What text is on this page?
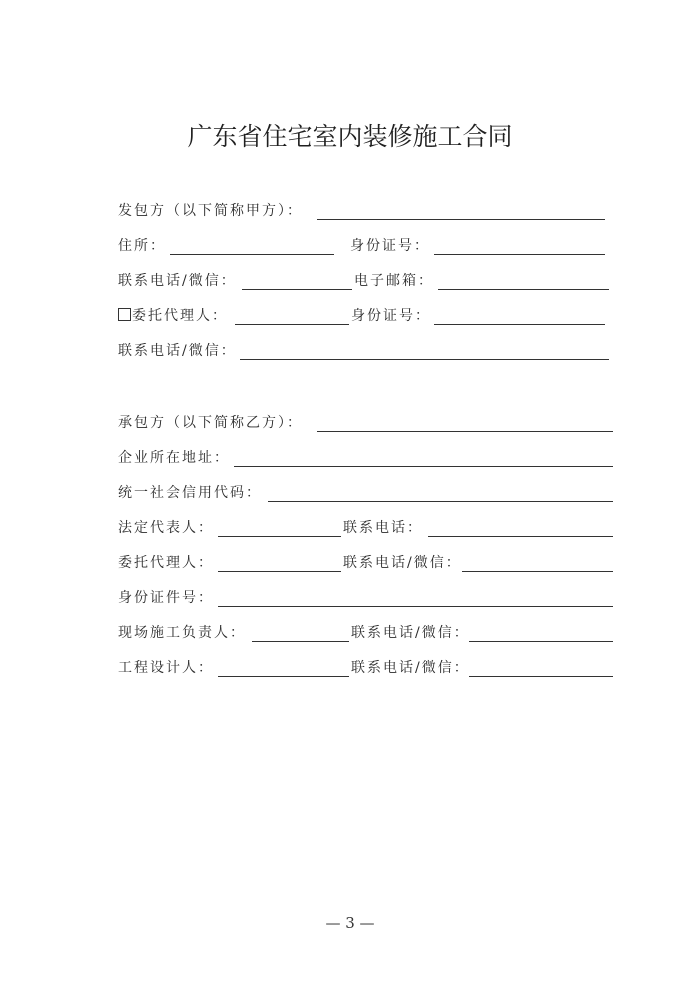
广东省住宅室内装修施工合同
发包方（以下简称甲方）：
住所：	身份证号：
联系电话/微信：	电子邮箱：
委托代理人：	身份证号：
联系电话/微信：
承包方（以下简称乙方）：
企业所在地址：
统一社会信用代码：
法定代表人：	联系电话：
委托代理人：	联系电话/微信：
身份证件号：
现场施工负责人：	联系电话/微信：
工程设计人：	联系电话/微信：
— 3 —
